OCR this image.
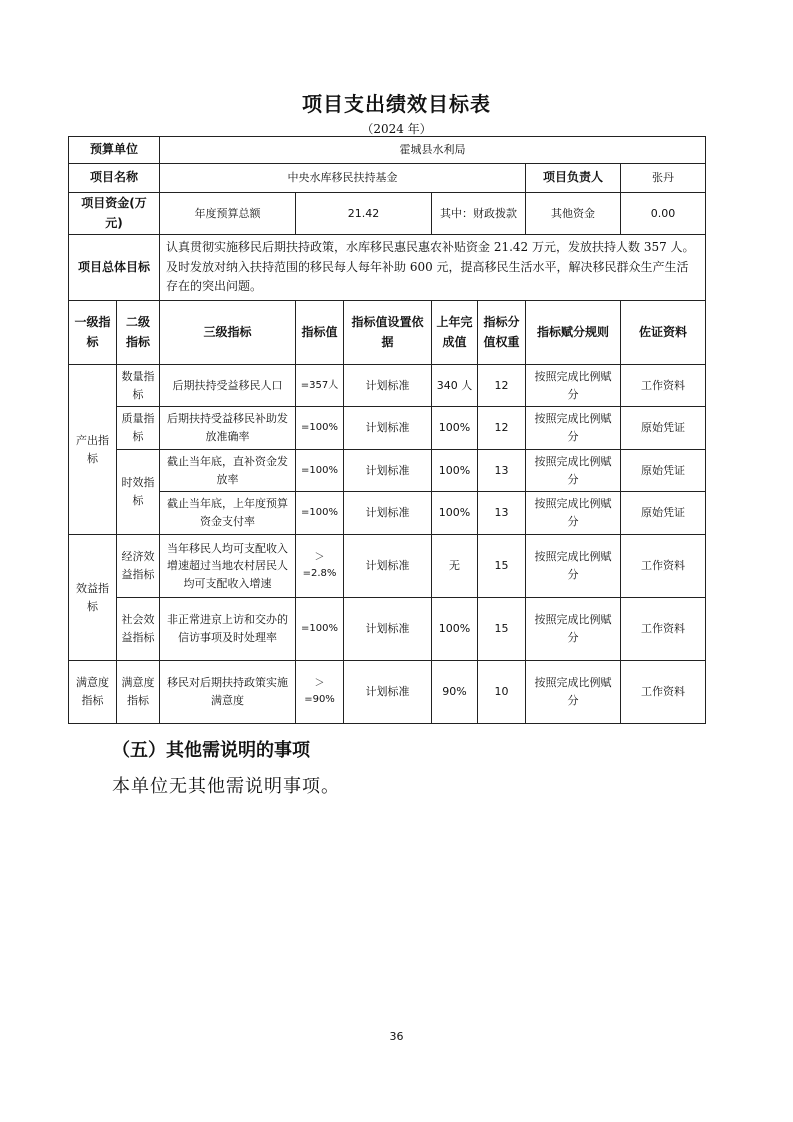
项目支出绩效目标表
（2024 年）
预算单位		霍城县水利局						
项目名称		中央水库移民扶持基金					项目负责人	张丹
项目资金(万元)		年度预算总额	21.42		其中：财政拨款		其他资金	0.00
项目总体目标		认真贯彻实施移民后期扶持政策，水库移民惠民惠农补贴资金 21.42 万元，发放扶持人数 357 人。及时发放对纳入扶持范围的移民每人每年补助 600 元，提高移民生活水平，解决移民群众生产生活存在的突出问题。						
一级指标	二级指标	三级指标	指标值	指标值设置依据	上年完成值	指标分值权重	指标赋分规则	佐证资料
产出指标	数量指标	后期扶持受益移民人口	=357人	计划标准	340 人	12	按照完成比例赋分	工作资料
	质量指标	后期扶持受益移民补助发放准确率	=100%	计划标准	100%	12	按照完成比例赋分	原始凭证
	时效指标	截止当年底，直补资金发放率	=100%	计划标准	100%	13	按照完成比例赋分	原始凭证
		截止当年底，上年度预算资金支付率	=100%	计划标准	100%	13	按照完成比例赋分	原始凭证
效益指标	经济效益指标	当年移民人均可支配收入增速超过当地农村居民人均可支配收入增速	＞=2.8%	计划标准	无	15	按照完成比例赋分	工作资料
	社会效益指标	非正常进京上访和交办的信访事项及时处理率	=100%	计划标准	100%	15	按照完成比例赋分	工作资料
满意度指标	满意度指标	移民对后期扶持政策实施满意度	＞=90%	计划标准	90%	10	按照完成比例赋分	工作资料
（五）其他需说明的事项
本单位无其他需说明事项。
36
